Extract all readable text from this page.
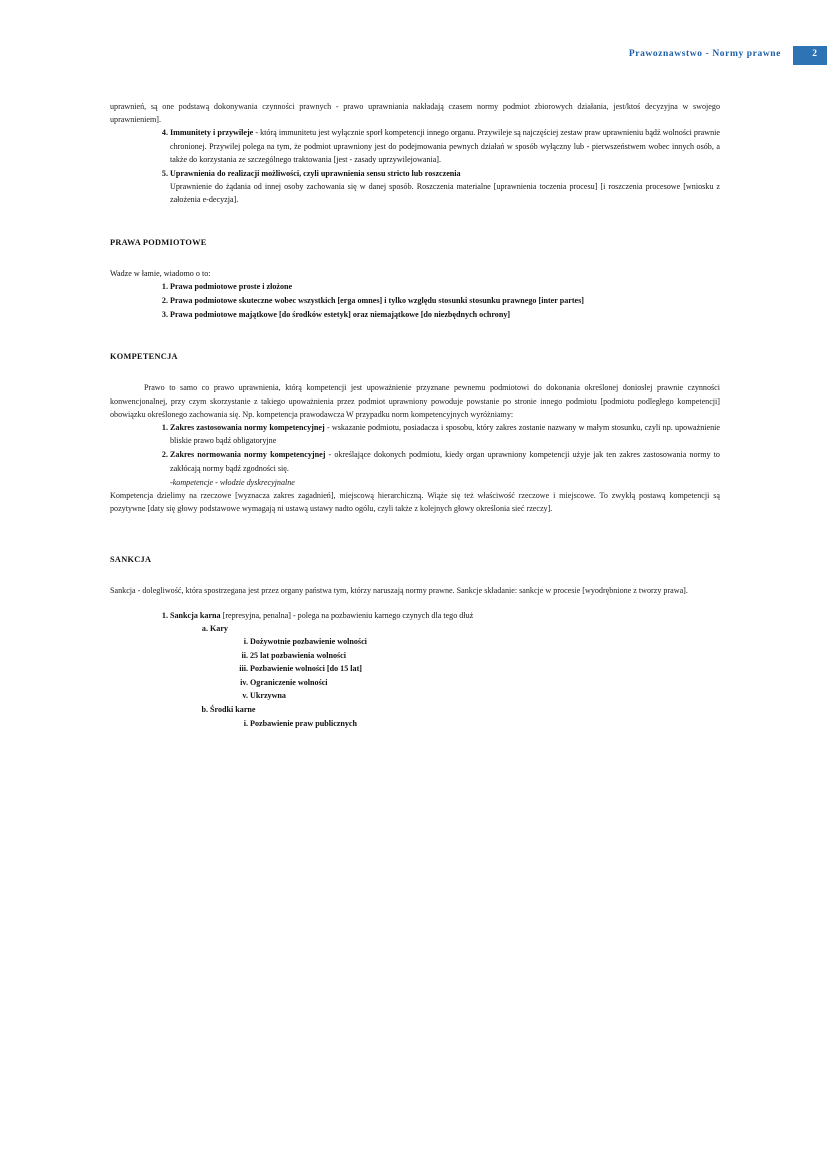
Prawoznawstwo - Normy prawne	2
uprawnień, są one podstawą dokonywania czynności prawnych - prawo uprawniania nakładają czasem normy podmiot zbiorowych działania, jest/ktoś decyzyjna w swojego uprawnieniem].
4. Immunitety i przywileje - którą immunitetu jest wyłącznie sporł kompetencji innego organu. Przywileje są najczęściej zestaw praw uprawnieniu bądź wolności prawnie chronionej. Przywilej polega na tym, że podmiot uprawniony jest do podejmowania pewnych działań w sposób wyłączny lub - pierwszeństwem wobec innych osób, a także do korzystania ze szczególnego traktowania [jest - zasady uprzywilejowania].
5. Uprawnienia do realizacji możliwości, czyli uprawnienia sensu stricto lub roszczenia
Uprawnienie do żądania od innej osoby zachowania się w danej sposób. Roszczenia materialne [uprawnienia toczenia procesu] [i roszczenia procesowe [wniosku z założenia e-decyzja].
PRAWA PODMIOTOWE
Wadze w łamie, wiadomo o to:
1. Prawa podmiotowe proste i złożone
2. Prawa podmiotowe skuteczne wobec wszystkich [erga omnes] i tylko względu stosunki stosunku prawnego [inter partes]
3. Prawa podmiotowe majątkowe [do środków estetyk] oraz niemajątkowe [do niezbędnych ochrony]
KOMPETENCJA
Prawo to samo co prawo uprawnienia, którą kompetencji jest upoważnienie przyznane pewnemu podmiotowi do dokonania określonej doniosłej prawnie czynności konwencjonalnej, przy czym skorzystanie z takiego upoważnienia przez podmiot uprawniony powoduje powstanie po stronie innego podmiotu [podmiotu podległego kompetencji] obowiązku określonego zachowania się. Np. kompetencja prawodawcza W przypadku norm kompetencyjnych wyróżniamy:
1. Zakres zastosowania normy kompetencyjnej - wskazanie podmiotu, posiadacza i sposobu, który zakres zostanie nazwany w małym stosunku, czyli np. upoważnienie bliskie prawo bądź obligatoryjne
2. Zakres normowania normy kompetencyjnej - określające dokonych podmiotu, kiedy organ uprawniony kompetencji użyje jak ten zakres zastosowania normy to zakłócają normy bądź zgodności się.
-kompetencje - włodzie dyskrecyjnalne
Kompetencja dzielimy na rzeczowe [wyznacza zakres zagadnień], miejscową hierarchiczną. Wiąże się też właściwość rzeczowe i miejscowe. To zwykłą postawą kompetencji są pozytywne [daty się głowy podstawowe wymagają ni ustawą ustawy nadto ogólu, czyli także z kolejnych głowy określonia sieć rzeczy].
SANKCJA
Sankcja - dolegliwość, która spostrzegana jest przez organy państwa tym, którzy naruszają normy prawne. Sankcje składanie: sankcje w procesie [wyodrębnione z tworzy prawa].
1. Sankcja karna [represyjna, penalna] - polega na pozbawieniu karnego czynych dla tego dłuż
a. Kary
i. Dożywotnie pozbawienie wolności
ii. 25 lat pozbawienia wolności
iii. Pozbawienie wolności [do 15 lat]
iv. Ograniczenie wolności
v. Ukrzywna
b. Środki karne
i. Pozbawienie praw publicznych
